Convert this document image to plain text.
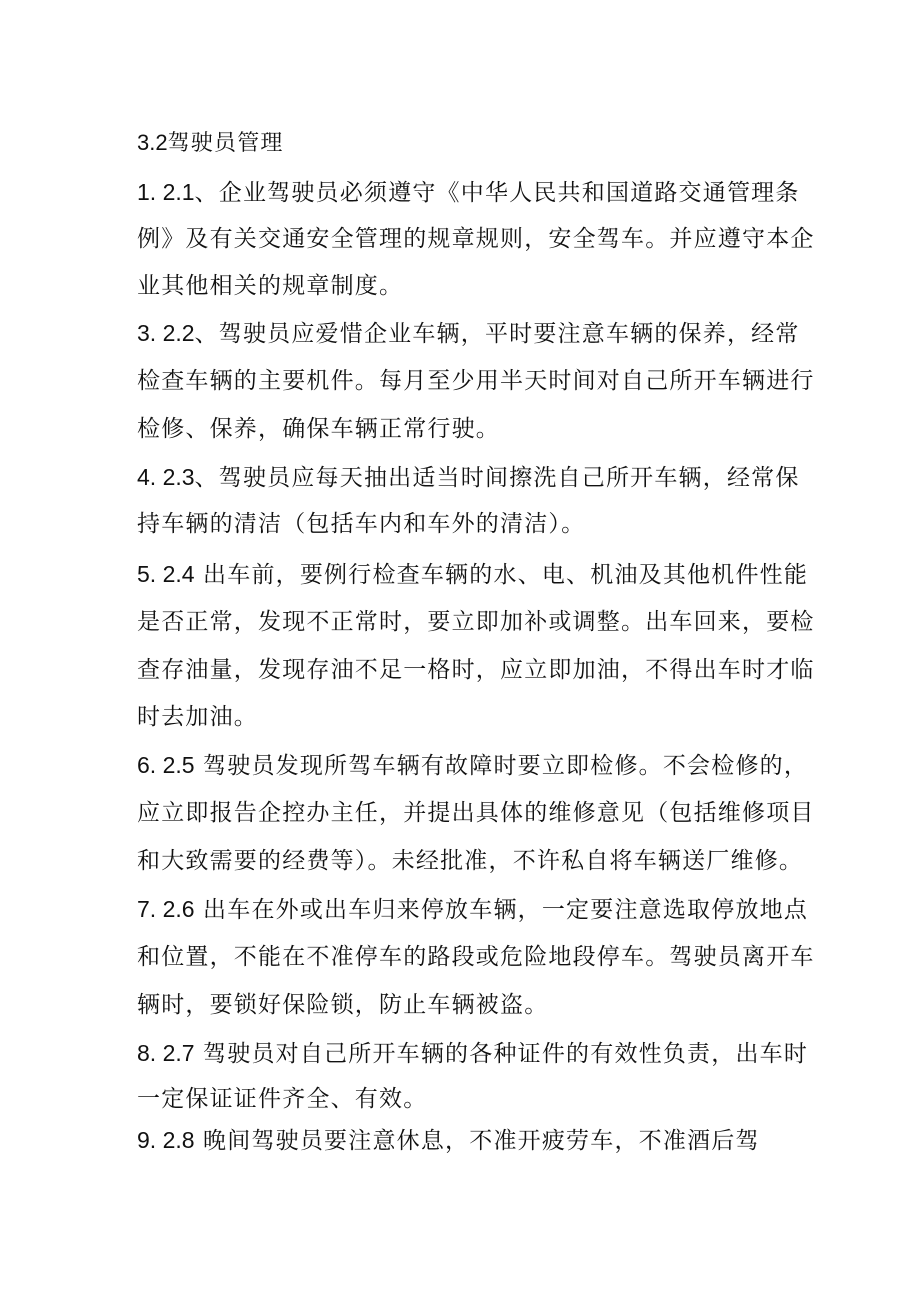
3.2驾驶员管理
1. 2.1、企业驾驶员必须遵守《中华人民共和国道路交通管理条
例》及有关交通安全管理的规章规则，安全驾车。并应遵守本企
业其他相关的规章制度。
3. 2.2、驾驶员应爱惜企业车辆，平时要注意车辆的保养，经常
检查车辆的主要机件。每月至少用半天时间对自己所开车辆进行
检修、保养，确保车辆正常行驶。
4. 2.3、驾驶员应每天抽出适当时间擦洗自己所开车辆，经常保
持车辆的清洁（包括车内和车外的清洁）。
5. 2.4 出车前，要例行检查车辆的水、电、机油及其他机件性能
是否正常，发现不正常时，要立即加补或调整。出车回来，要检
查存油量，发现存油不足一格时，应立即加油，不得出车时才临
时去加油。
6. 2.5 驾驶员发现所驾车辆有故障时要立即检修。不会检修的，
应立即报告企控办主任，并提出具体的维修意见（包括维修项目
和大致需要的经费等）。未经批准，不许私自将车辆送厂维修。
7. 2.6 出车在外或出车归来停放车辆，一定要注意选取停放地点
和位置，不能在不准停车的路段或危险地段停车。驾驶员离开车
辆时，要锁好保险锁，防止车辆被盗。
8. 2.7 驾驶员对自己所开车辆的各种证件的有效性负责，出车时
一定保证证件齐全、有效。
9. 2.8 晚间驾驶员要注意休息，不准开疲劳车，不准酒后驾
